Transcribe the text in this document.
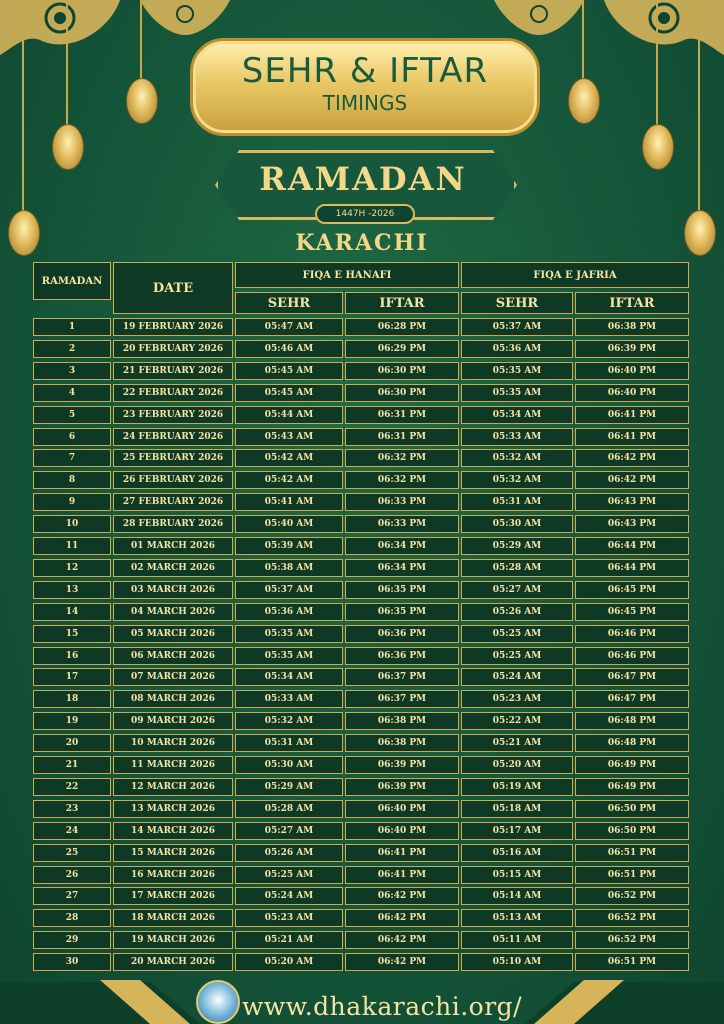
SEHR & IFTAR
TIMINGS
RAMADAN
1447H -2026
KARACHI
RAMADAN	DATE
FIQA E HANAFI	FIQA E JAFRIA
SEHR	IFTAR	SEHR	IFTAR
1	19 FEBRUARY 2026	05:47 AM	06:28 PM	05:37 AM	06:38 PM
2	20 FEBRUARY 2026	05:46 AM	06:29 PM	05:36 AM	06:39 PM
3	21 FEBRUARY 2026	05:45 AM	06:30 PM	05:35 AM	06:40 PM
4	22 FEBRUARY 2026	05:45 AM	06:30 PM	05:35 AM	06:40 PM
5	23 FEBRUARY 2026	05:44 AM	06:31 PM	05:34 AM	06:41 PM
6	24 FEBRUARY 2026	05:43 AM	06:31 PM	05:33 AM	06:41 PM
7	25 FEBRUARY 2026	05:42 AM	06:32 PM	05:32 AM	06:42 PM
8	26 FEBRUARY 2026	05:42 AM	06:32 PM	05:32 AM	06:42 PM
9	27 FEBRUARY 2026	05:41 AM	06:33 PM	05:31 AM	06:43 PM
10	28 FEBRUARY 2026	05:40 AM	06:33 PM	05:30 AM	06:43 PM
11	01 MARCH 2026	05:39 AM	06:34 PM	05:29 AM	06:44 PM
12	02 MARCH 2026	05:38 AM	06:34 PM	05:28 AM	06:44 PM
13	03 MARCH 2026	05:37 AM	06:35 PM	05:27 AM	06:45 PM
14	04 MARCH 2026	05:36 AM	06:35 PM	05:26 AM	06:45 PM
15	05 MARCH 2026	05:35 AM	06:36 PM	05:25 AM	06:46 PM
16	06 MARCH 2026	05:35 AM	06:36 PM	05:25 AM	06:46 PM
17	07 MARCH 2026	05:34 AM	06:37 PM	05:24 AM	06:47 PM
18	08 MARCH 2026	05:33 AM	06:37 PM	05:23 AM	06:47 PM
19	09 MARCH 2026	05:32 AM	06:38 PM	05:22 AM	06:48 PM
20	10 MARCH 2026	05:31 AM	06:38 PM	05:21 AM	06:48 PM
21	11 MARCH 2026	05:30 AM	06:39 PM	05:20 AM	06:49 PM
22	12 MARCH 2026	05:29 AM	06:39 PM	05:19 AM	06:49 PM
23	13 MARCH 2026	05:28 AM	06:40 PM	05:18 AM	06:50 PM
24	14 MARCH 2026	05:27 AM	06:40 PM	05:17 AM	06:50 PM
25	15 MARCH 2026	05:26 AM	06:41 PM	05:16 AM	06:51 PM
26	16 MARCH 2026	05:25 AM	06:41 PM	05:15 AM	06:51 PM
27	17 MARCH 2026	05:24 AM	06:42 PM	05:14 AM	06:52 PM
28	18 MARCH 2026	05:23 AM	06:42 PM	05:13 AM	06:52 PM
29	19 MARCH 2026	05:21 AM	06:42 PM	05:11 AM	06:52 PM
30	20 MARCH 2026	05:20 AM	06:42 PM	05:10 AM	06:51 PM
www.dhakarachi.org/
